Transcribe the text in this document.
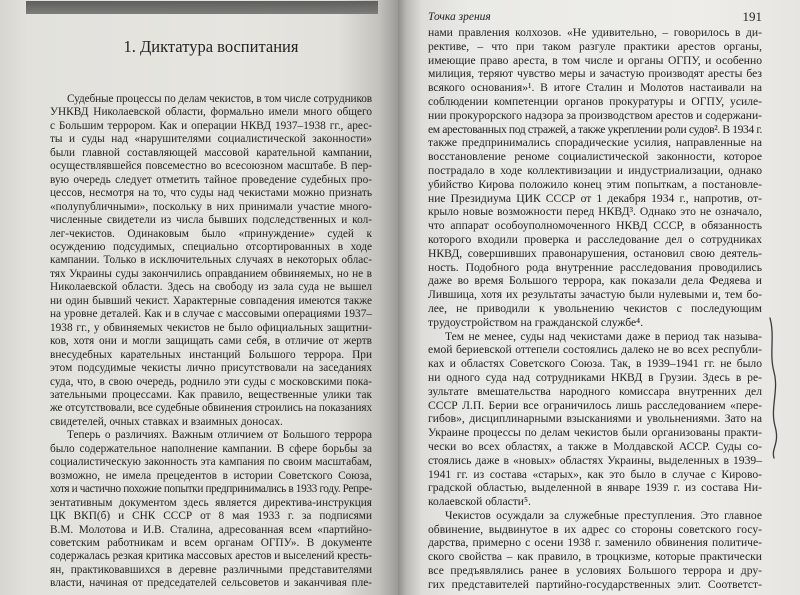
1. Диктатура воспитания
Судебные процессы по делам чекистов, в том числе сотрудников
УНКВД Николаевской области, формально имели много общего
с Большим террором. Как и операции НКВД 1937–1938 гг., арес-
ты и суды над «нарушителями социалистической законности»
были главной составляющей массовой карательной кампании,
осуществлявшейся повсеместно во всесоюзном масштабе. В пер-
вую очередь следует отметить тайное проведение судебных про-
цессов, несмотря на то, что суды над чекистами можно признать
«полупубличными», поскольку в них принимали участие много-
численные свидетели из числа бывших подследственных и кол-
лег-чекистов. Одинаковым было «принуждение» судей к
осуждению подсудимых, специально отсортированных в ходе
кампании. Только в исключительных случаях в некоторых облас-
тях Украины суды закончились оправданием обвиняемых, но не в
Николаевской области. Здесь на свободу из зала суда не вышел
ни один бывший чекист. Характерные совпадения имеются также
на уровне деталей. Как и в случае с массовыми операциями 1937–
1938 гг., у обвиняемых чекистов не было официальных защитни-
ков, хотя они и могли защищать сами себя, в отличие от жертв
внесудебных карательных инстанций Большого террора. При
этом подсудимые чекисты лично присутствовали на заседаниях
суда, что, в свою очередь, роднило эти суды с московскими пока-
зательными процессами. Как правило, вещественные улики так
же отсутствовали, все судебные обвинения строились на показаниях
свидетелей, очных ставках и взаимных доносах.
Теперь о различиях. Важным отличием от Большого террора
было содержательное наполнение кампании. В сфере борьбы за
социалистическую законность эта кампания по своим масштабам,
возможно, не имела прецедентов в истории Советского Союза,
хотя и частично похожие попытки предпринимались в 1933 году. Репре-
зентативным документом здесь является директива-инструкция
ЦК ВКП(б) и СНК СССР от 8 мая 1933 г. за подписями
В.М. Молотова и И.В. Сталина, адресованная всем «партийно-
советским работникам и всем органам ОГПУ». В документе
содержалась резкая критика массовых арестов и выселений кресть-
ян, практиковавшихся в деревне различными представителями
власти, начиная от председателей сельсоветов и заканчивая пле-
Точка зрения	191
нами правления колхозов. «Не удивительно, – говорилось в ди-
рективе, – что при таком разгуле практики арестов органы,
имеющие право ареста, в том числе и органы ОГПУ, и особенно
милиция, теряют чувство меры и зачастую производят аресты без
всякого основания»¹. В итоге Сталин и Молотов настаивали на
соблюдении компетенции органов прокуратуры и ОГПУ, усиле-
нии прокурорского надзора за производством арестов и содержани-
ем арестованных под стражей, а также укреплении роли судов². В 1934 г.
также предпринимались спорадические усилия, направленные на
восстановление реноме социалистической законности, которое
пострадало в ходе коллективизации и индустриализации, однако
убийство Кирова положило конец этим попыткам, а постановле-
ние Президиума ЦИК СССР от 1 декабря 1934 г., напротив, от-
крыло новые возможности перед НКВД³. Однако это не означало,
что аппарат особоуполномоченного НКВД СССР, в обязанность
которого входили проверка и расследование дел о сотрудниках
НКВД, совершивших правонарушения, остановил свою деятель-
ность. Подобного рода внутренние расследования проводились
даже во время Большого террора, как показали дела Федяева и
Лившица, хотя их результаты зачастую были нулевыми и, тем бо-
лее, не приводили к увольнению чекистов с последующим
трудоустройством на гражданской службе⁴.
Тем не менее, суды над чекистами даже в период так называ-
емой бериевской оттепели состоялись далеко не во всех республи-
ках и областях Советского Союза. Так, в 1939–1941 гг. не было
ни одного суда над сотрудниками НКВД в Грузии. Здесь в ре-
зультате вмешательства народного комиссара внутренних дел
СССР Л.П. Берии все ограничилось лишь расследованием «пере-
гибов», дисциплинарными взысканиями и увольнениями. Зато на
Украине процессы по делам чекистов были организованы практи-
чески во всех областях, а также в Молдавской АССР. Суды со-
стоялись даже в «новых» областях Украины, выделенных в 1939–
1941 гг. из состава «старых», как это было в случае с Кирово-
градской областью, выделенной в январе 1939 г. из состава Ни-
колаевской области⁵.
Чекистов осуждали за служебные преступления. Это главное
обвинение, выдвинутое в их адрес со стороны советского госу-
дарства, примерно с осени 1938 г. заменило обвинения политиче-
ского свойства – как правило, в троцкизме, которые практически
все предъявлялись ранее в условиях Большого террора и дру-
гих представителей партийно-государственных элит. Соответст-
